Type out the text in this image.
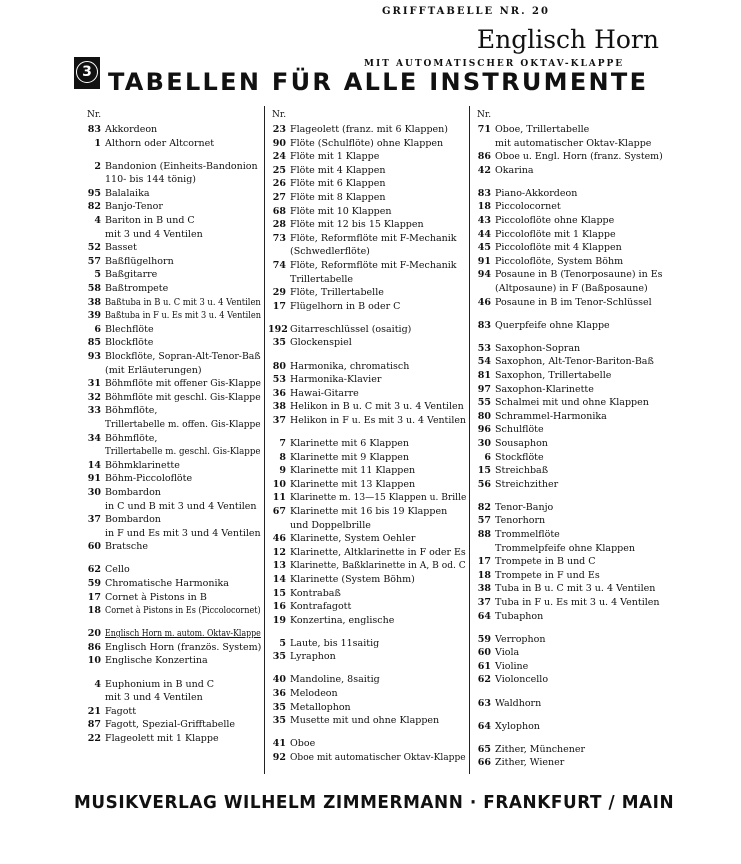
GRIFFTABELLE NR. 20
Englisch Horn
MIT AUTOMATISCHER OKTAV-KLAPPE
3 TABELLEN FÜR ALLE INSTRUMENTE
Nr.
83 Akkordeon
1 Althorn oder Altcornet
2 Bandonion (Einheits-Bandonion
110- bis 144 tönig)
95 Balalaika
82 Banjo-Tenor
4 Bariton in B und C
mit 3 und 4 Ventilen
52 Basset
57 Baßflügelhorn
5 Baßgitarre
58 Baßtrompete
38 Baßtuba in B u. C mit 3 u. 4 Ventilen
39 Baßtuba in F u. Es mit 3 u. 4 Ventilen
6 Blechflöte
85 Blockflöte
93 Blockflöte, Sopran-Alt-Tenor-Baß
(mit Erläuterungen)
31 Böhmflöte mit offener Gis-Klappe
32 Böhmflöte mit geschl. Gis-Klappe
33 Böhmflöte,
Trillertabelle m. offen. Gis-Klappe
34 Böhmflöte,
Trillertabelle m. geschl. Gis-Klappe
14 Böhmklarinette
91 Böhm-Piccoloflöte
30 Bombardon
in C und B mit 3 und 4 Ventilen
37 Bombardon
in F und Es mit 3 und 4 Ventilen
60 Bratsche
62 Cello
59 Chromatische Harmonika
17 Cornet à Pistons in B
18 Cornet à Pistons in Es (Piccolocornet)
20 Englisch Horn m. autom. Oktav-Klappe
86 Englisch Horn (französ. System)
10 Englische Konzertina
4 Euphonium in B und C
mit 3 und 4 Ventilen
21 Fagott
87 Fagott, Spezial-Grifftabelle
22 Flageolett mit 1 Klappe
Nr.
23 Flageolett (franz. mit 6 Klappen)
90 Flöte (Schulflöte) ohne Klappen
24 Flöte mit 1 Klappe
25 Flöte mit 4 Klappen
26 Flöte mit 6 Klappen
27 Flöte mit 8 Klappen
68 Flöte mit 10 Klappen
28 Flöte mit 12 bis 15 Klappen
73 Flöte, Reformflöte mit F-Mechanik
(Schwedlerflöte)
74 Flöte, Reformflöte mit F-Mechanik
Trillertabelle
29 Flöte, Trillertabelle
17 Flügelhorn in B oder C
192 Gitarreschlüssel (osaitig)
35 Glockenspiel
80 Harmonika, chromatisch
53 Harmonika-Klavier
36 Hawai-Gitarre
38 Helikon in B u. C mit 3 u. 4 Ventilen
37 Helikon in F u. Es mit 3 u. 4 Ventilen
7 Klarinette mit 6 Klappen
8 Klarinette mit 9 Klappen
9 Klarinette mit 11 Klappen
10 Klarinette mit 13 Klappen
11 Klarinette m. 13—15 Klappen u. Brille
67 Klarinette mit 16 bis 19 Klappen
und Doppelbrille
46 Klarinette, System Oehler
12 Klarinette, Altklarinette in F oder Es
13 Klarinette, Baßklarinette in A, B od. C
14 Klarinette (System Böhm)
15 Kontrabaß
16 Kontrafagott
19 Konzertina, englische
5 Laute, bis 11saitig
35 Lyraphon
40 Mandoline, 8saitig
36 Melodeon
35 Metallophon
35 Musette mit und ohne Klappen
41 Oboe
92 Oboe mit automatischer Oktav-Klappe
Nr.
71 Oboe, Trillertabelle
mit automatischer Oktav-Klappe
86 Oboe u. Engl. Horn (franz. System)
42 Okarina
83 Piano-Akkordeon
18 Piccolocornet
43 Piccoloflöte ohne Klappe
44 Piccoloflöte mit 1 Klappe
45 Piccoloflöte mit 4 Klappen
91 Piccoloflöte, System Böhm
94 Posaune in B (Tenorposaune) in Es
(Altposaune) in F (Baßposaune)
46 Posaune in B im Tenor-Schlüssel
83 Querpfeife ohne Klappe
53 Saxophon-Sopran
54 Saxophon, Alt-Tenor-Bariton-Baß
81 Saxophon, Trillertabelle
97 Saxophon-Klarinette
55 Schalmei mit und ohne Klappen
80 Schrammel-Harmonika
96 Schulflöte
30 Sousaphon
6 Stockflöte
15 Streichbaß
56 Streichzither
82 Tenor-Banjo
57 Tenorhorn
88 Trommelflöte
Trommelpfeife ohne Klappen
17 Trompete in B und C
18 Trompete in F und Es
38 Tuba in B u. C mit 3 u. 4 Ventilen
37 Tuba in F u. Es mit 3 u. 4 Ventilen
64 Tubaphon
59 Verrophon
60 Viola
61 Violine
62 Violoncello
63 Waldhorn
64 Xylophon
65 Zither, Münchener
66 Zither, Wiener
MUSIKVERLAG WILHELM ZIMMERMANN · FRANKFURT / MAIN
